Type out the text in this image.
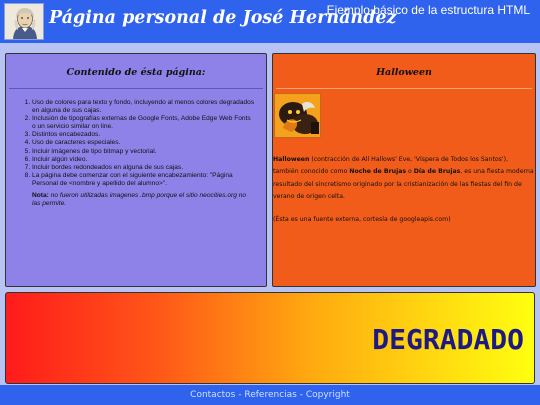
Página personal de José Hernández
Ejemplo básico de la estructura HTML
Contenido de ésta página:
1. Uso de colores para texto y fondo, incluyendo al menos colores degradados en alguna de sus cajas.
2. Inclusión de tipografías externas de Google Fonts, Adobe Edge Web Fonts o un servicio similar on line.
3. Distintos encabezados.
4. Uso de caracteres especiales.
5. Incluir imágenes de tipo bitmap y vectorial.
6. Incluir algún vídeo.
7. Incluir bordes redondeados en alguna de sus cajas.
8. La página debe comenzar con el siguiente encabezamiento: "Página Personal de <nombre y apellido del alumno>".

Nota: no fueron utilizadas imagenes .bmp porque el sitio neocities.org no las permite.

Halloween

Halloween (contracción de All Hallows' Eve, 'Víspera de Todos los Santos'), también conocido como Noche de Brujas o Día de Brujas, es una fiesta moderna resultado del sincretismo originado por la cristianización de las fiestas del fin de verano de origen celta.

(Ésta es una fuente externa, cortesía de googleapis.com)

DEGRADADO
Contactos - Referencias - Copyright
